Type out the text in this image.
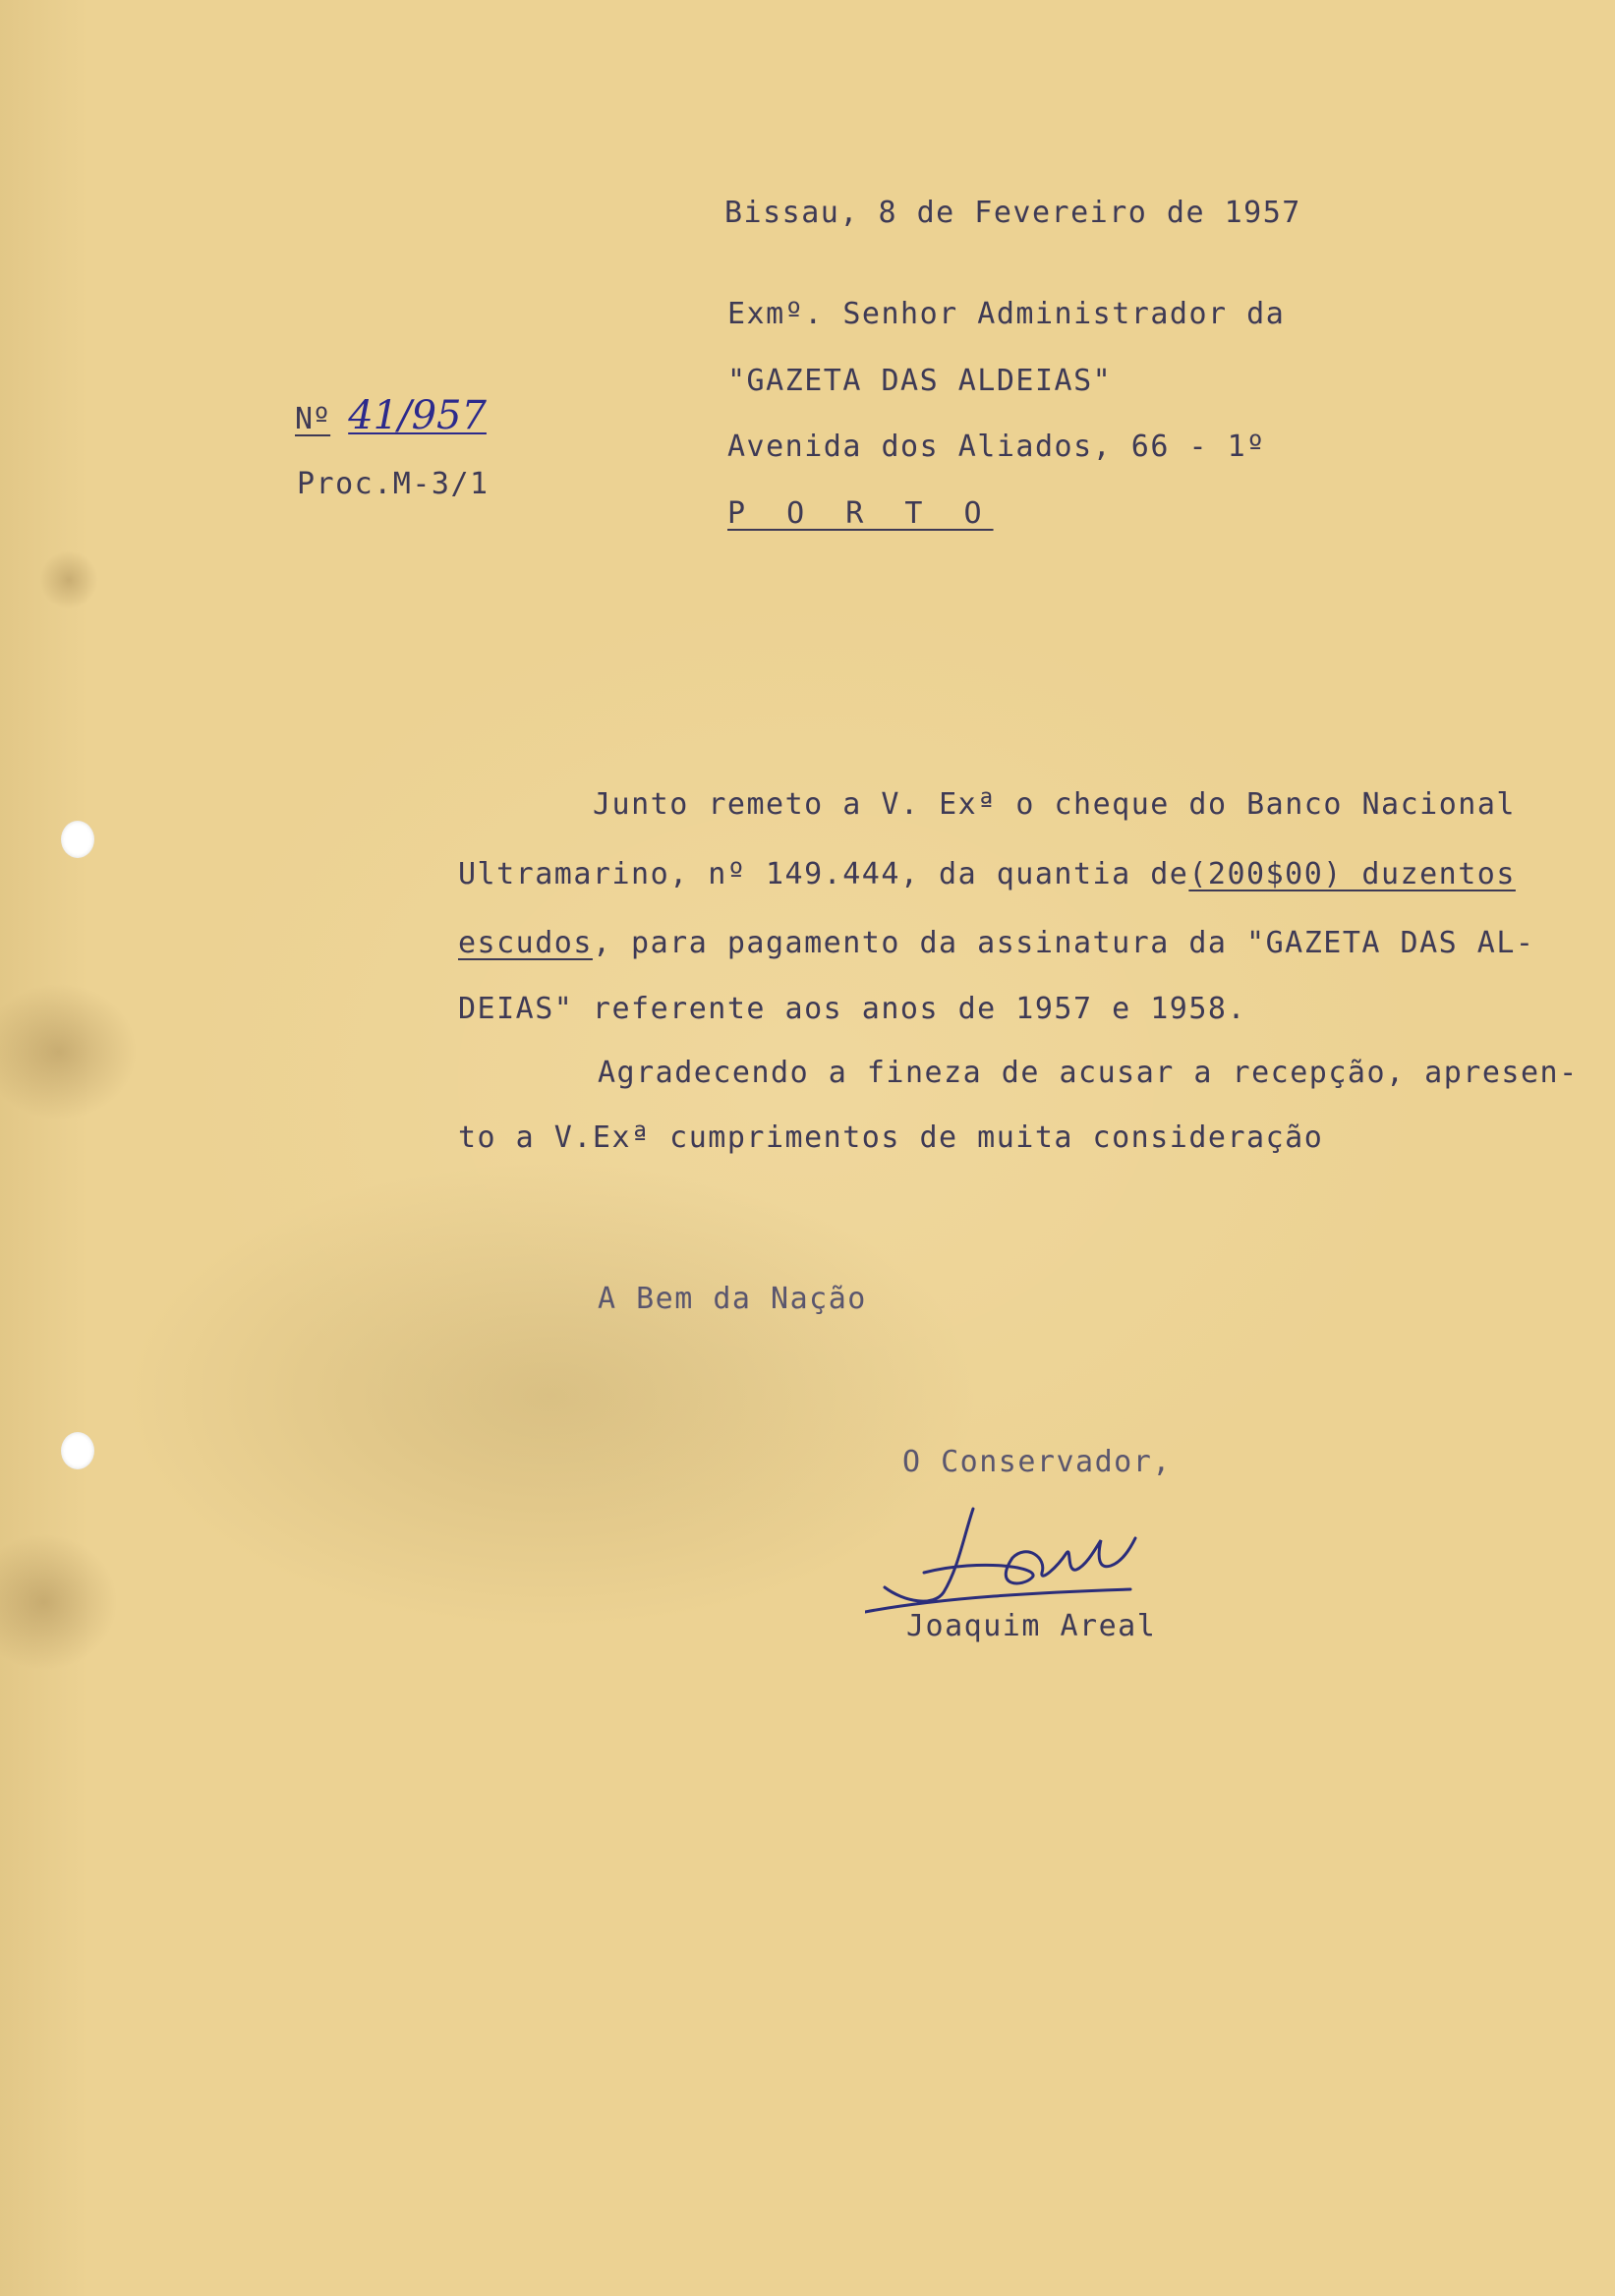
Bissau, 8 de Fevereiro de 1957
Exmº. Senhor Administrador da
"GAZETA DAS ALDEIAS"
Avenida dos Aliados, 66 - 1º
P O R T O
Nº 41/957
Proc.M-3/1
Junto remeto a V. Exª o cheque do Banco Nacional
Ultramarino, nº 149.444, da quantia de(200$00) duzentos
escudos, para pagamento da assinatura da "GAZETA DAS AL-
DEIAS" referente aos anos de 1957 e 1958.
Agradecendo a fineza de acusar a recepção, apresen-
to a V.Exª cumprimentos de muita consideração
A Bem da Nação
O Conservador,
Joaquim Areal
